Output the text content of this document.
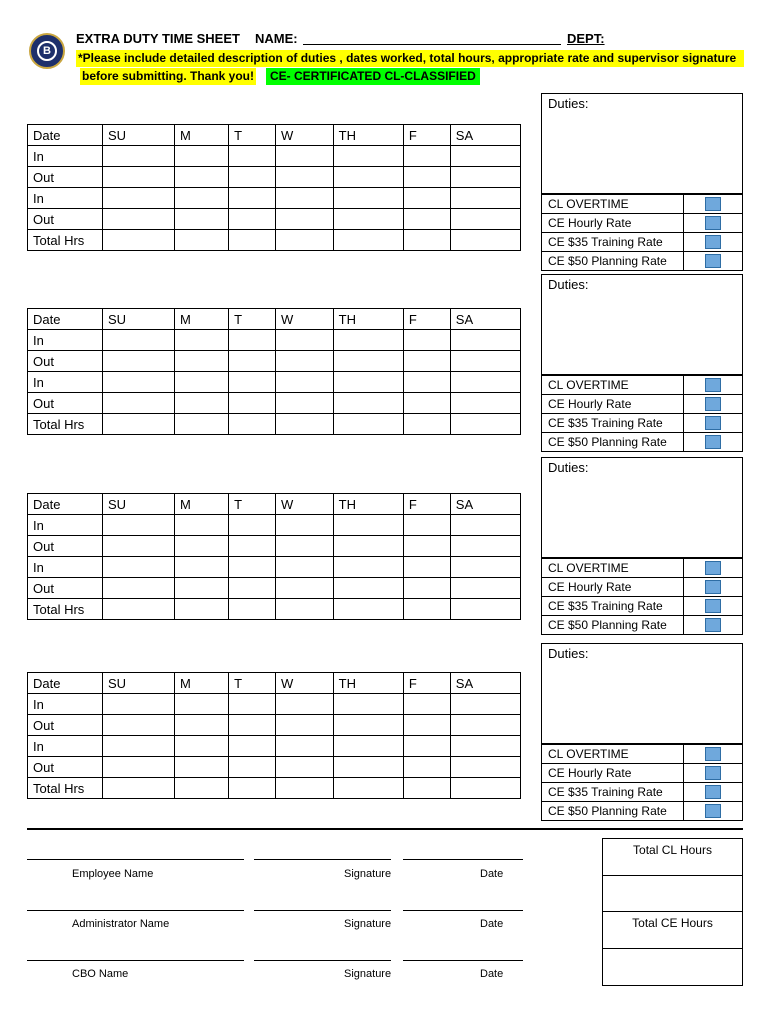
B
EXTRA DUTY TIME SHEET NAME:	DEPT:
*Please include detailed description of duties , dates worked, total hours, appropriate rate and supervisor signature
before submitting. Thank you!	CE- CERTIFICATED CL-CLASSIFIED
Date	SU	M	T	W	TH	F	SA
In							
Out							
In							
Out							
Total Hrs							
Duties:
CL OVERTIME
CE Hourly Rate
CE $35 Training Rate
CE $50 Planning Rate
Date	SU	M	T	W	TH	F	SA
In							
Out							
In							
Out							
Total Hrs							
Duties:
CL OVERTIME
CE Hourly Rate
CE $35 Training Rate
CE $50 Planning Rate
Date	SU	M	T	W	TH	F	SA
In							
Out							
In							
Out							
Total Hrs							
Duties:
CL OVERTIME
CE Hourly Rate
CE $35 Training Rate
CE $50 Planning Rate
Date	SU	M	T	W	TH	F	SA
In							
Out							
In							
Out							
Total Hrs							
Duties:
CL OVERTIME
CE Hourly Rate
CE $35 Training Rate
CE $50 Planning Rate
Employee Name	Signature	Date
Administrator Name	Signature	Date
CBO Name	Signature	Date
Total CL Hours
Total CE Hours
